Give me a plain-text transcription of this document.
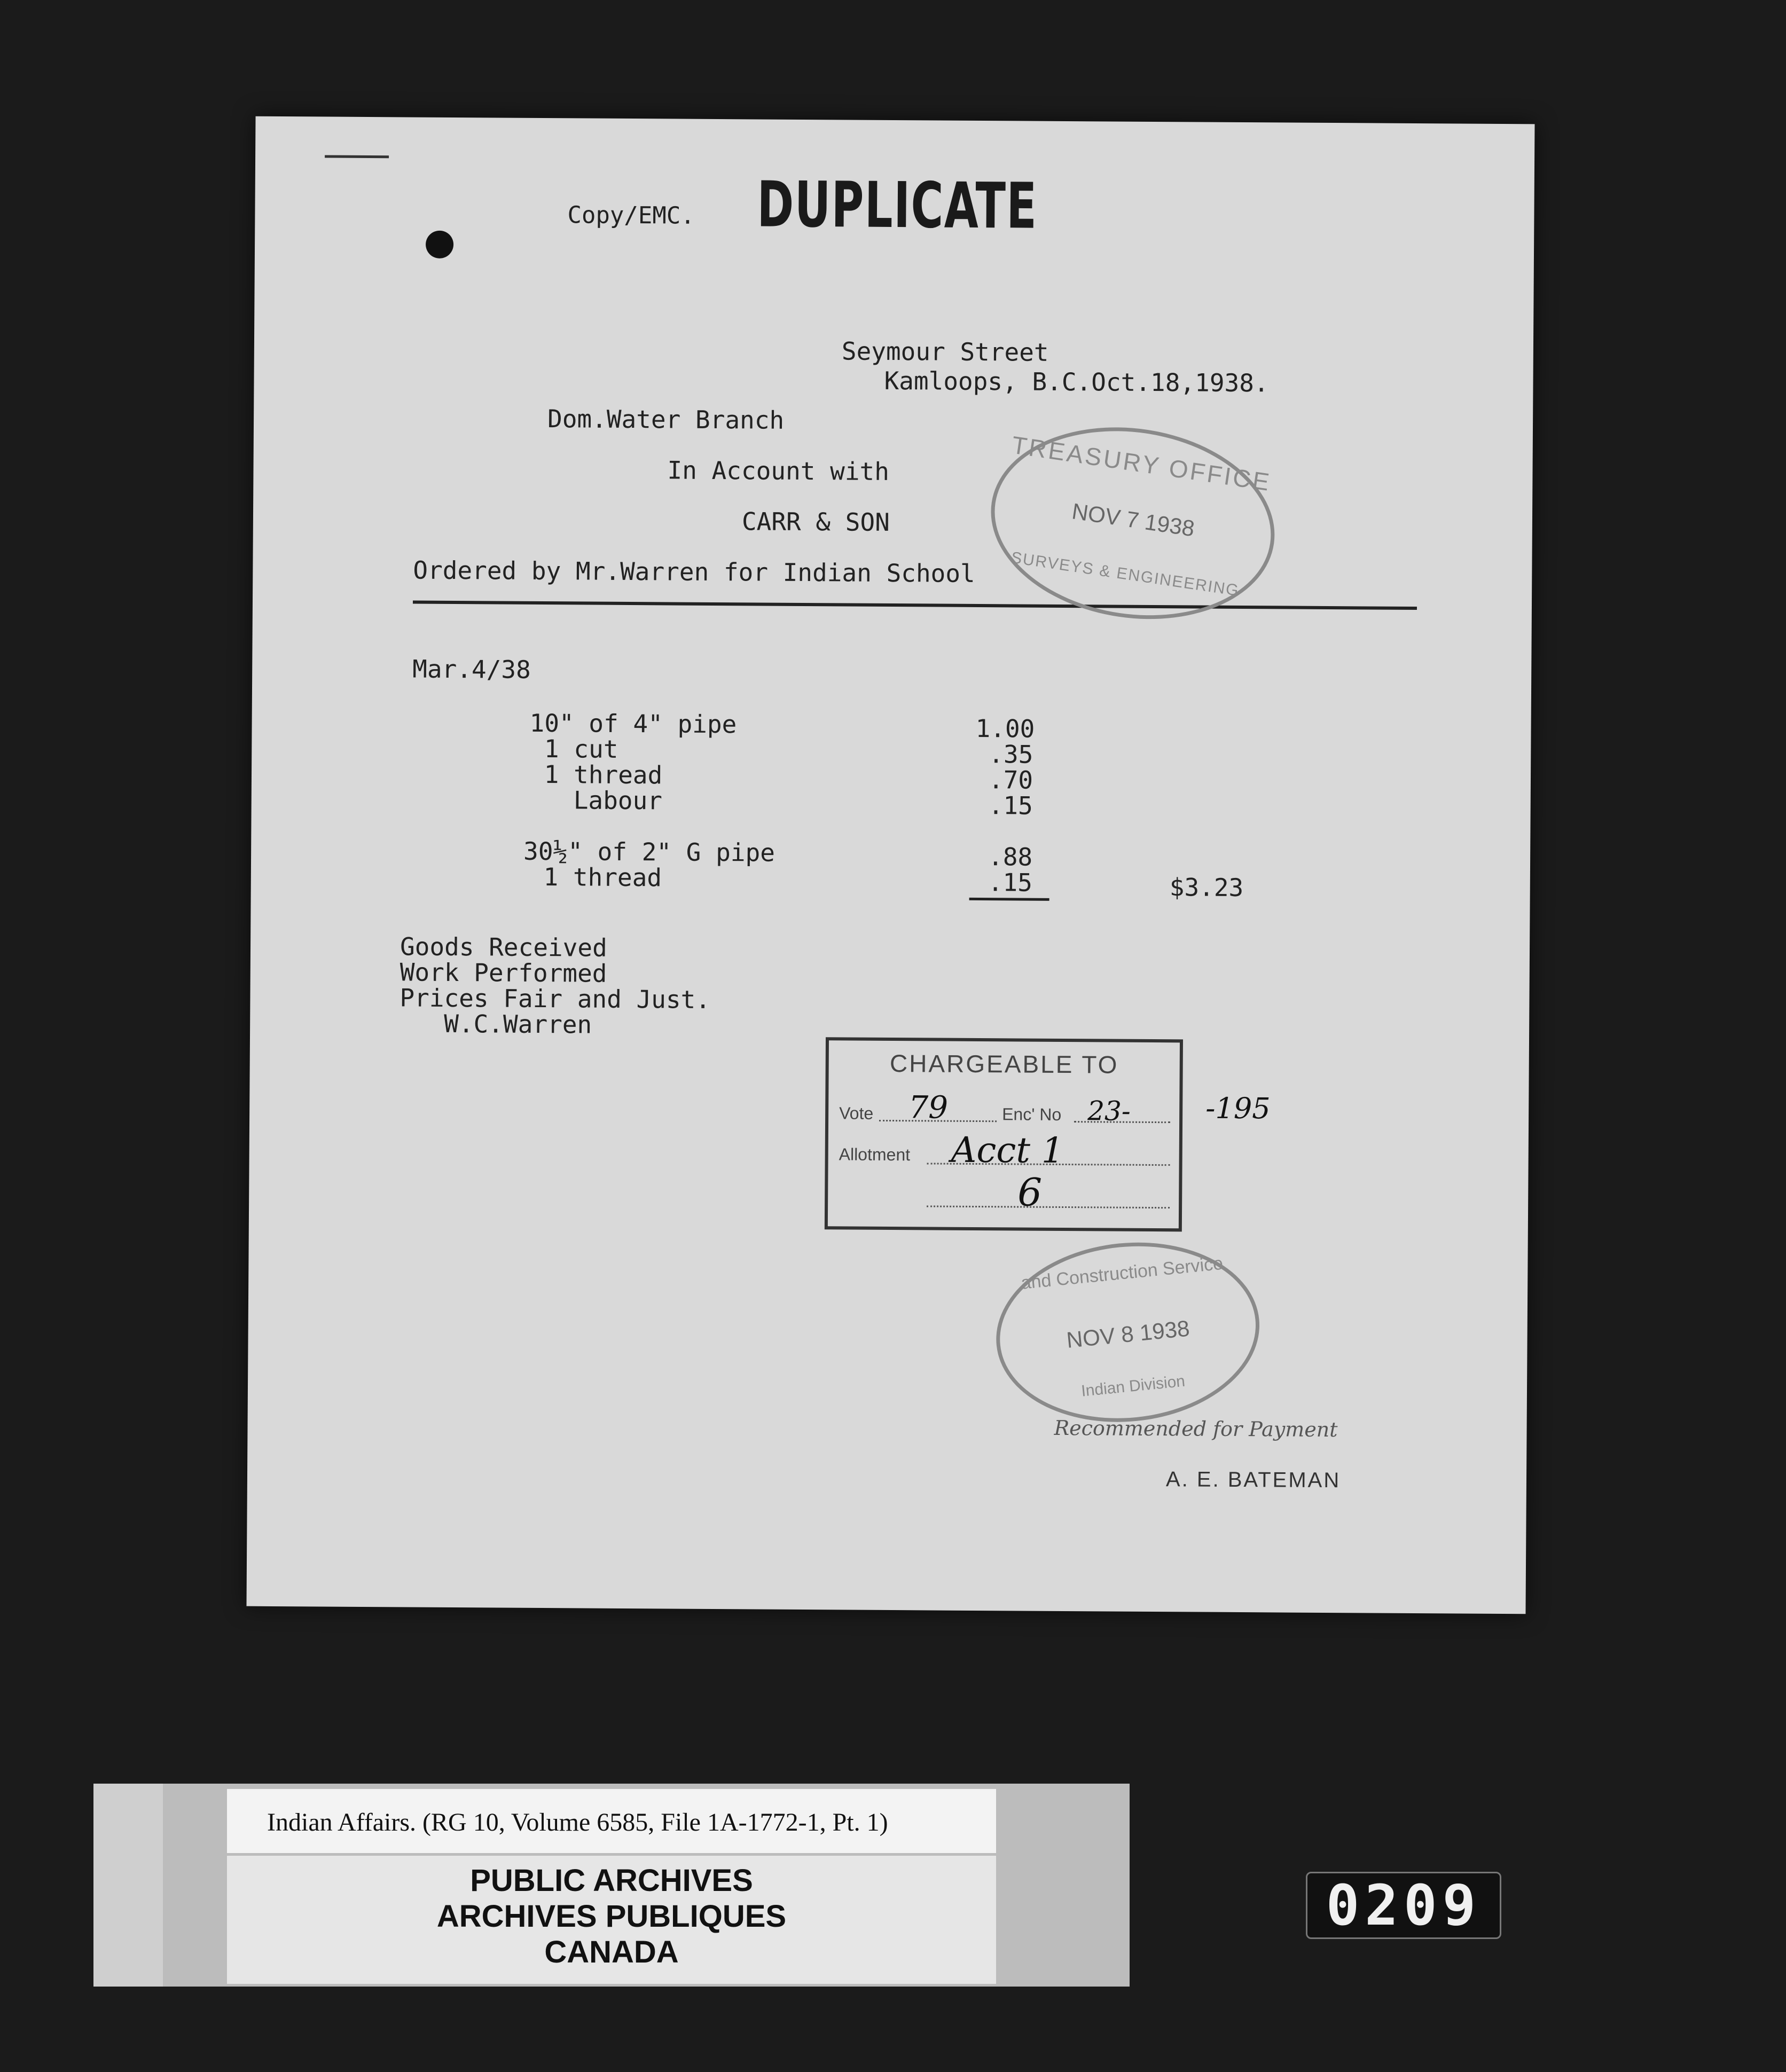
Copy/EMC. DUPLICATE
Seymour Street
Kamloops, B.C.Oct.18,1938.
Dom.Water Branch
In Account with
CARR & SON
Ordered by Mr.Warren for Indian School
TREASURY OFFICE
NOV 7 1938
SURVEYS & ENGINEERING
Mar.4/38
10" of 4" pipe	1.00
1 cut	.35
1 thread	.70
Labour	.15
30½" of 2" G pipe	.88
1 thread	.15	$3.23
Goods Received
Work Performed
Prices Fair and Just.
W.C.Warren
CHARGEABLE TO
Vote 79	Enc' No 23-
Allotment Acct 1
6
-195
and Construction Service
NOV 8 1938
Indian Division
Recommended for Payment
A. E. BATEMAN
Indian Affairs. (RG 10, Volume 6585, File 1A-1772-1, Pt. 1)
PUBLIC ARCHIVES
ARCHIVES PUBLIQUES
CANADA
0209
